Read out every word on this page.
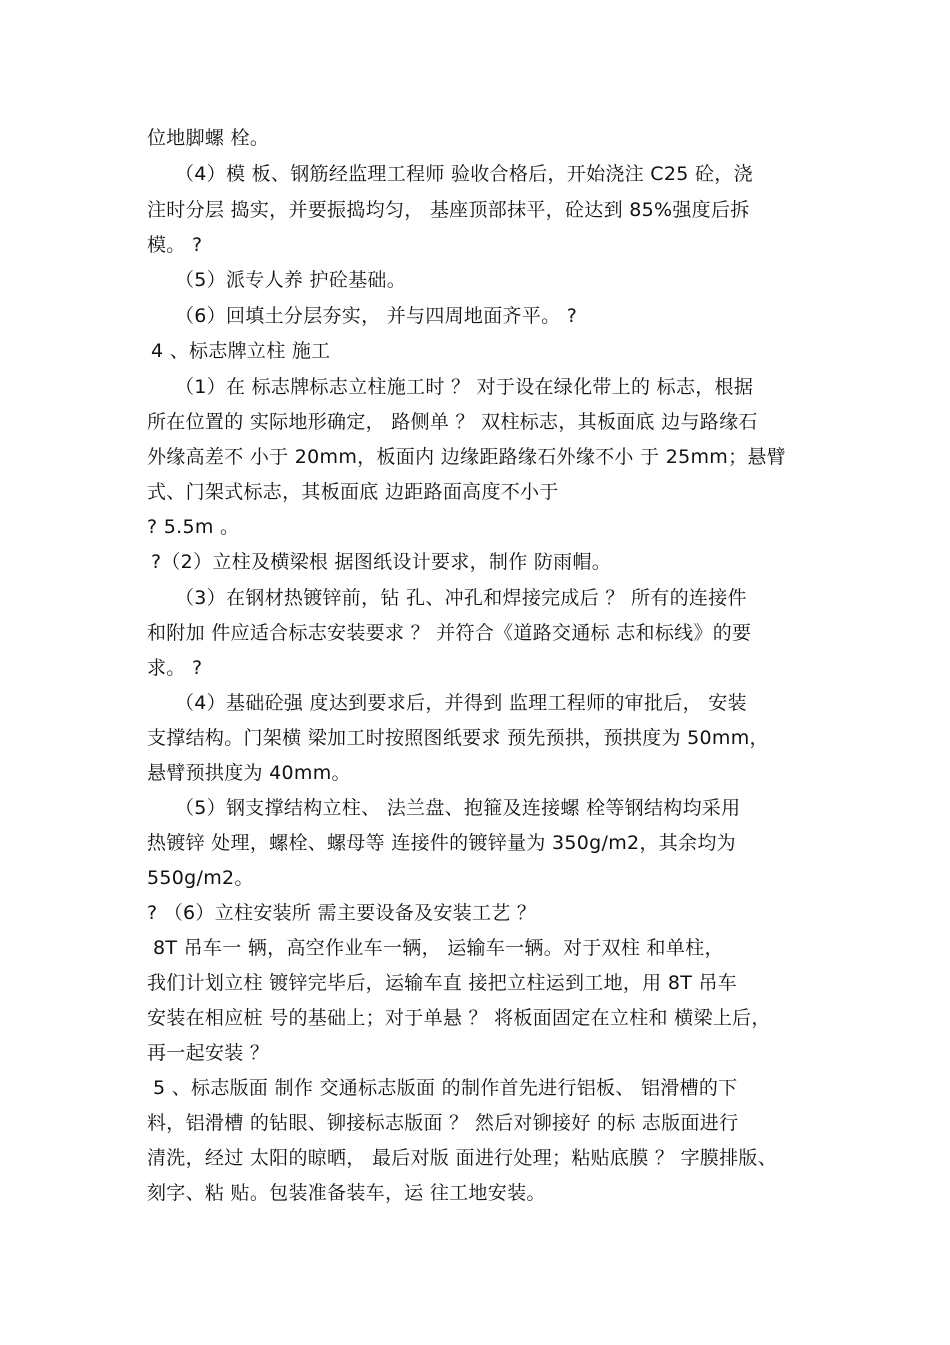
位地脚螺 栓。
（4）模 板、钢筋经监理工程师 验收合格后，开始浇注 C25 砼，浇
注时分层 捣实，并要振捣均匀， 基座顶部抹平，砼达到 85%强度后拆
模。 ?
（5）派专人养 护砼基础。
（6）回填土分层夯实， 并与四周地面齐平。 ?
4 、标志牌立柱 施工
（1）在 标志牌标志立柱施工时 ？ 对于设在绿化带上的 标志，根据
所在位置的 实际地形确定， 路侧单 ？ 双柱标志，其板面底 边与路缘石
外缘高差不 小于 20mm，板面内 边缘距路缘石外缘不小 于 25mm；悬臂
式、门架式标志，其板面底 边距路面高度不小于
? 5.5m 。
?（2）立柱及横梁根 据图纸设计要求，制作 防雨帽。
（3）在钢材热镀锌前，钻 孔、冲孔和焊接完成后 ？ 所有的连接件
和附加 件应适合标志安装要求 ？ 并符合《道路交通标 志和标线》的要
求。 ?
（4）基础砼强 度达到要求后，并得到 监理工程师的审批后， 安装
支撑结构。门架横 梁加工时按照图纸要求 预先预拱，预拱度为 50mm，
悬臂预拱度为 40mm。
（5）钢支撑结构立柱、 法兰盘、抱箍及连接螺 栓等钢结构均采用
热镀锌 处理，螺栓、螺母等 连接件的镀锌量为 350g/m2，其余均为
550g/m2。
? （6）立柱安装所 需主要设备及安装工艺 ？
8T 吊车一 辆，高空作业车一辆， 运输车一辆。对于双柱 和单柱，
我们计划立柱 镀锌完毕后，运输车直 接把立柱运到工地，用 8T 吊车
安装在相应桩 号的基础上；对于单悬 ？ 将板面固定在立柱和 横梁上后，
再一起安装 ？
5 、标志版面 制作 交通标志版面 的制作首先进行铝板、 铝滑槽的下
料，铝滑槽 的钻眼、铆接标志版面 ？ 然后对铆接好 的标 志版面进行
清洗，经过 太阳的晾晒， 最后对版 面进行处理；粘贴底膜 ？ 字膜排版、
刻字、粘 贴。包装准备装车，运 往工地安装。
